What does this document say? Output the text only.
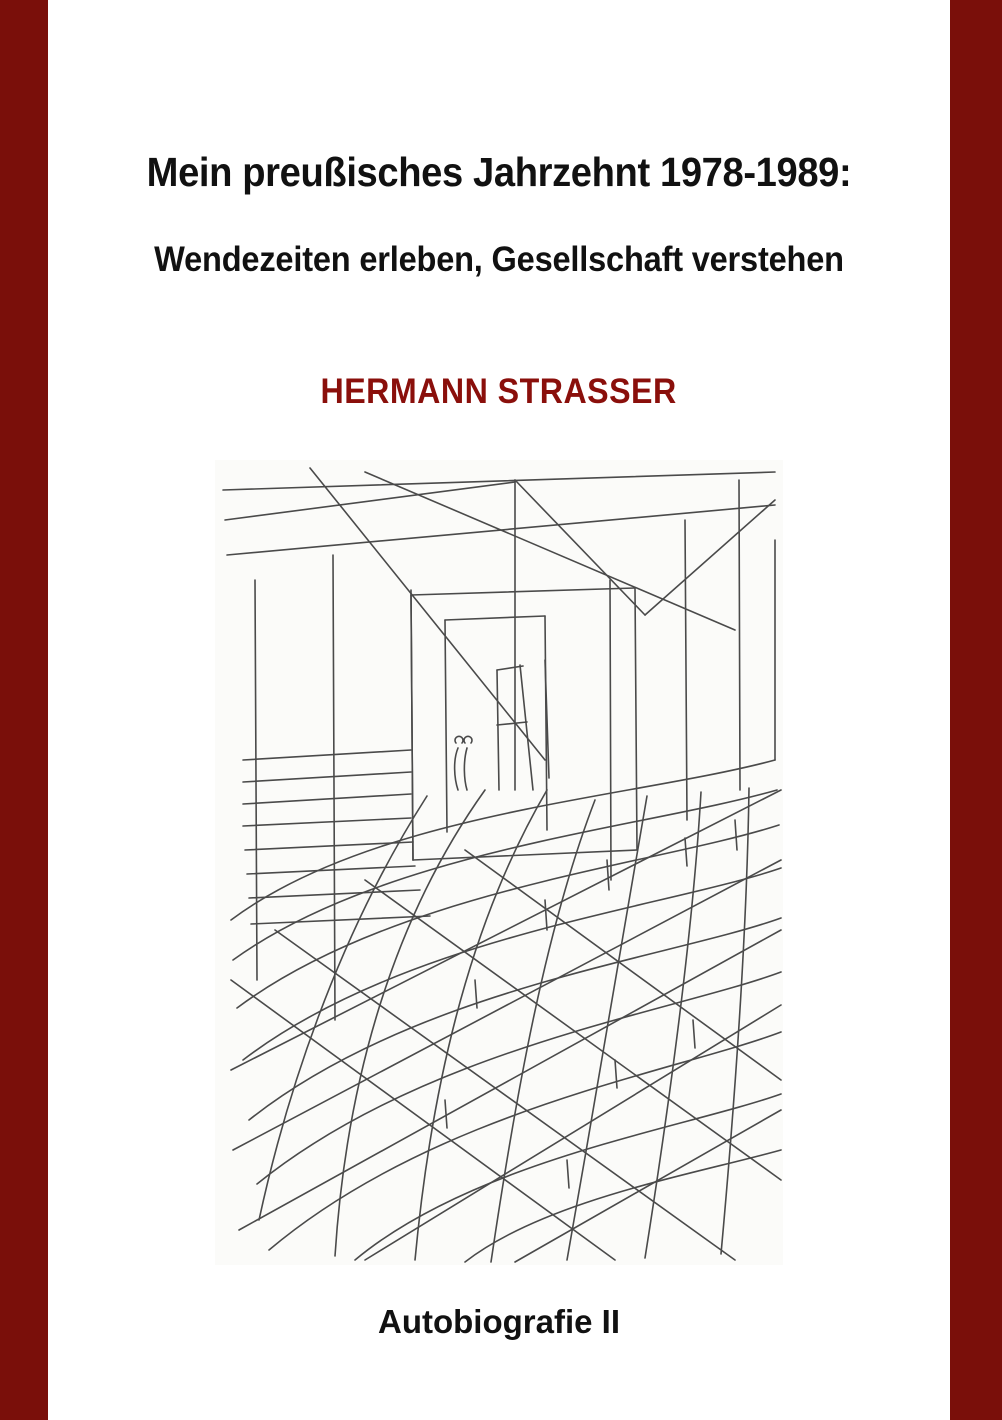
Mein preußisches Jahrzehnt 1978-1989:
Wendezeiten erleben, Gesellschaft verstehen
HERMANN STRASSER
Autobiografie II
